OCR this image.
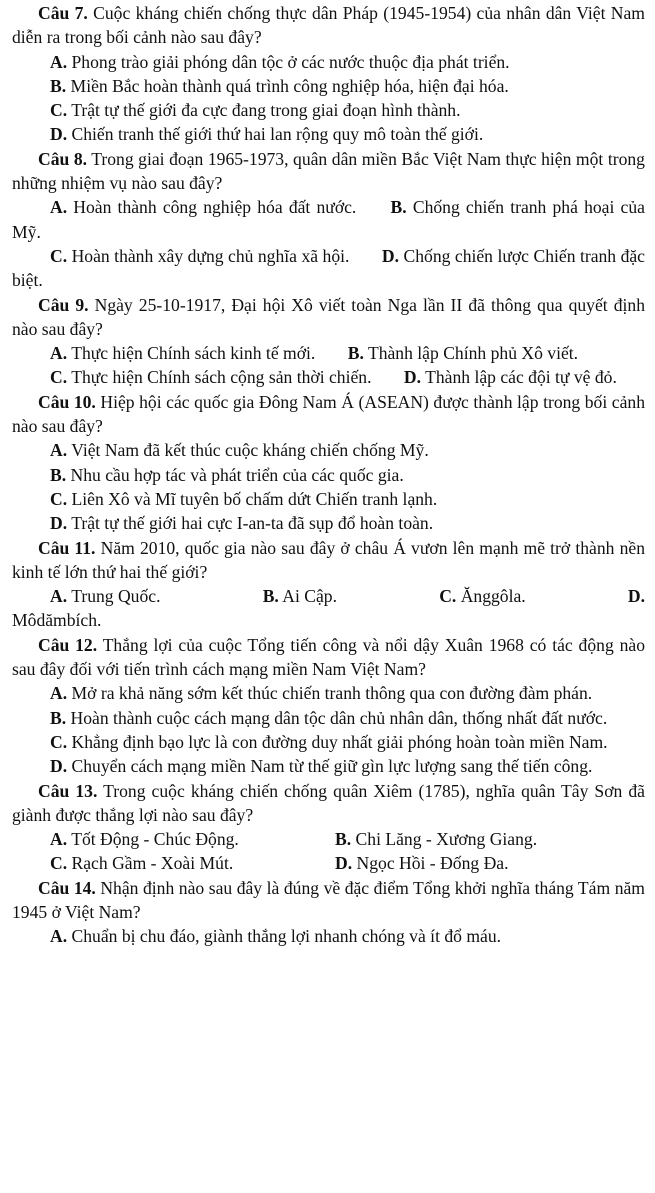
Câu 7. Cuộc kháng chiến chống thực dân Pháp (1945-1954) của nhân dân Việt Nam diễn ra trong bối cảnh nào sau đây?

A. Phong trào giải phóng dân tộc ở các nước thuộc địa phát triển.

B. Miền Bắc hoàn thành quá trình công nghiệp hóa, hiện đại hóa.

C. Trật tự thế giới đa cực đang trong giai đoạn hình thành.

D. Chiến tranh thế giới thứ hai lan rộng quy mô toàn thế giới.

Câu 8. Trong giai đoạn 1965-1973, quân dân miền Bắc Việt Nam thực hiện một trong những nhiệm vụ nào sau đây?

A. Hoàn thành công nghiệp hóa đất nước. B. Chống chiến tranh phá hoại của Mỹ.

C. Hoàn thành xây dựng chủ nghĩa xã hội. D. Chống chiến lược Chiến tranh đặc biệt.

Câu 9. Ngày 25-10-1917, Đại hội Xô viết toàn Nga lần II đã thông qua quyết định nào sau đây?

A. Thực hiện Chính sách kinh tế mới. B. Thành lập Chính phủ Xô viết.

C. Thực hiện Chính sách cộng sản thời chiến. D. Thành lập các đội tự vệ đỏ.

Câu 10. Hiệp hội các quốc gia Đông Nam Á (ASEAN) được thành lập trong bối cảnh nào sau đây?

A. Việt Nam đã kết thúc cuộc kháng chiến chống Mỹ.

B. Nhu cầu hợp tác và phát triển của các quốc gia.

C. Liên Xô và Mĩ tuyên bố chấm dứt Chiến tranh lạnh.

D. Trật tự thế giới hai cực I-an-ta đã sụp đổ hoàn toàn.

Câu 11. Năm 2010, quốc gia nào sau đây ở châu Á vươn lên mạnh mẽ trở thành nền kinh tế lớn thứ hai thế giới?

A. Trung Quốc.	B. Ai Cập.	C. Ănggôla.	D.

Môdămbích.

Câu 12. Thắng lợi của cuộc Tổng tiến công và nổi dậy Xuân 1968 có tác động nào sau đây đối với tiến trình cách mạng miền Nam Việt Nam?

A. Mở ra khả năng sớm kết thúc chiến tranh thông qua con đường đàm phán.

B. Hoàn thành cuộc cách mạng dân tộc dân chủ nhân dân, thống nhất đất nước.

C. Khẳng định bạo lực là con đường duy nhất giải phóng hoàn toàn miền Nam.

D. Chuyển cách mạng miền Nam từ thế giữ gìn lực lượng sang thế tiến công.

Câu 13. Trong cuộc kháng chiến chống quân Xiêm (1785), nghĩa quân Tây Sơn đã giành được thắng lợi nào sau đây?

A. Tốt Động - Chúc Động.	B. Chi Lăng - Xương Giang.

C. Rạch Gầm - Xoài Mút.	D. Ngọc Hồi - Đống Đa.

Câu 14. Nhận định nào sau đây là đúng về đặc điểm Tổng khởi nghĩa tháng Tám năm 1945 ở Việt Nam?

A. Chuẩn bị chu đáo, giành thắng lợi nhanh chóng và ít đổ máu.
